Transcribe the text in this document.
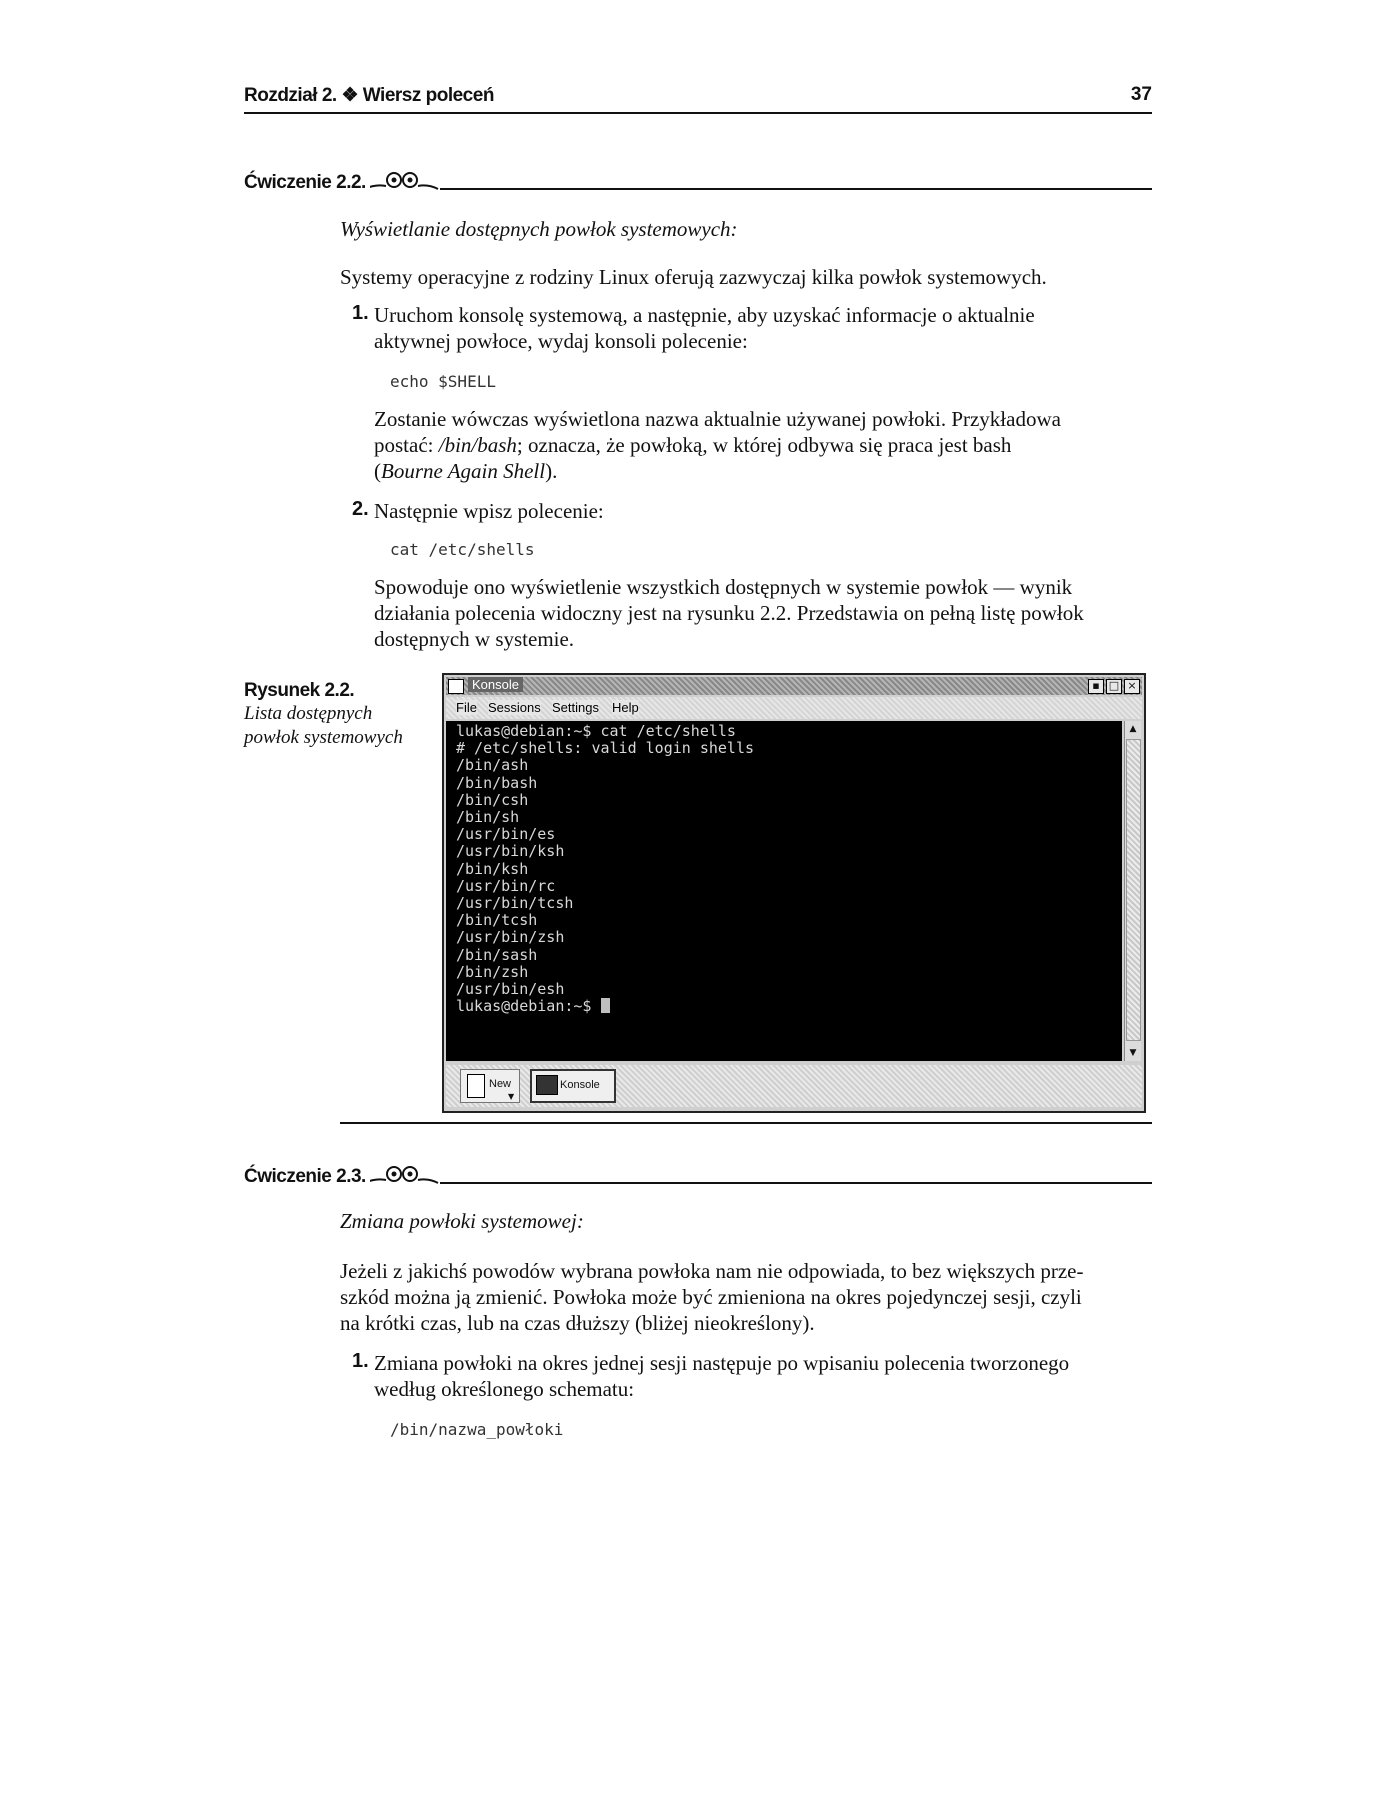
Rozdział 2. ❖ Wiersz poleceń	37
Ćwiczenie 2.2.

Wyświetlanie dostępnych powłok systemowych:

Systemy operacyjne z rodziny Linux oferują zazwyczaj kilka powłok systemowych.

1. Uruchom konsolę systemową, a następnie, aby uzyskać informacje o aktualnie

aktywnej powłoce, wydaj konsoli polecenie:

echo $SHELL

Zostanie wówczas wyświetlona nazwa aktualnie używanej powłoki. Przykładowa

postać: /bin/bash; oznacza, że powłoką, w której odbywa się praca jest bash

(Bourne Again Shell).

2. Następnie wpisz polecenie:

cat /etc/shells

Spowoduje ono wyświetlenie wszystkich dostępnych w systemie powłok — wynik

działania polecenia widoczny jest na rysunku 2.2. Przedstawia on pełną listę powłok

dostępnych w systemie.

Rysunek 2.2.
Lista dostępnych
powłok systemowych
Konsole	▪ □ ×
File Sessions Settings Help
lukas@debian:~$ cat /etc/shells
# /etc/shells: valid login shells
/bin/ash
/bin/bash
/bin/csh
/bin/sh
/usr/bin/es
/usr/bin/ksh
/bin/ksh
/usr/bin/rc
/usr/bin/tcsh
/bin/tcsh
/usr/bin/zsh
/bin/sash
/bin/zsh
/usr/bin/esh
lukas@debian:~$
▲
▼
New
▼
Konsole
Ćwiczenie 2.3.

Zmiana powłoki systemowej:

Jeżeli z jakichś powodów wybrana powłoka nam nie odpowiada, to bez większych prze-

szkód można ją zmienić. Powłoka może być zmieniona na okres pojedynczej sesji, czyli

na krótki czas, lub na czas dłuższy (bliżej nieokreślony).

1. Zmiana powłoki na okres jednej sesji następuje po wpisaniu polecenia tworzonego

według określonego schematu:

/bin/nazwa_powłoki
